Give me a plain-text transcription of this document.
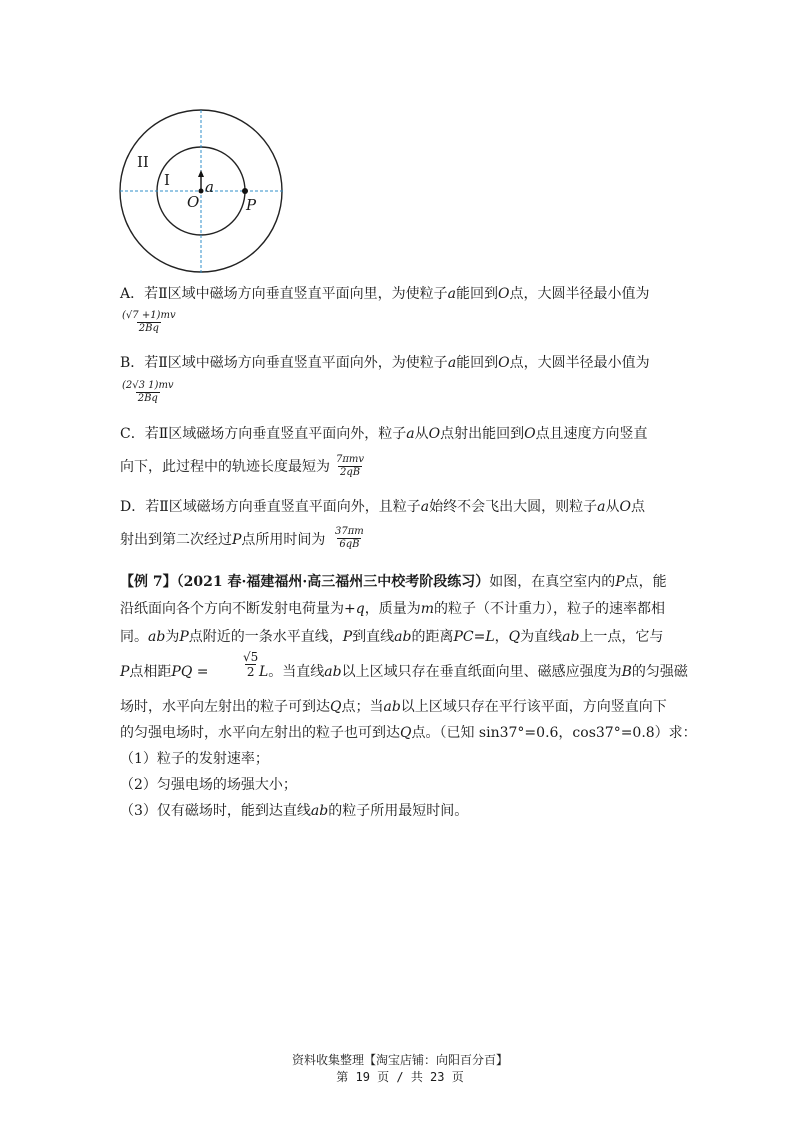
II
I a
O	P
A．若Ⅱ区域中磁场方向垂直竖直平面向里，为使粒子a能回到O点，大圆半径最小值为
$\frac{(√7 +1)mv}{2Bq}$
B．若Ⅱ区域中磁场方向垂直竖直平面向外，为使粒子a能回到O点，大圆半径最小值为
$\frac{(2√3 1)mv}{2Bq}$
C．若Ⅱ区域磁场方向垂直竖直平面向外，粒子a从O点射出能回到O点且速度方向竖直
向下，此过程中的轨迹长度最短为 7πmv
2qB
D．若Ⅱ区域磁场方向垂直竖直平面向外，且粒子a始终不会飞出大圆，则粒子a从O点
射出到第二次经过P点所用时间为 $\frac{37\pi m}{6qB}$
【例 7】（2021 春·福建福州·高三福州三中校考阶段练习）如图，在真空室内的P点，能
沿纸面向各个方向不断发射电荷量为+q，质量为m的粒子（不计重力），粒子的速率都相
同。ab为P点附近的一条水平直线，P到直线ab的距离PC=L，Q为直线ab上一点，它与
P点相距PQ =	$\frac{√5}{2}$
L。当直线ab以上区域只存在垂直纸面向里、磁感应强度为B的匀强磁
场时，水平向左射出的粒子可到达Q点；当ab以上区域只存在平行该平面，方向竖直向下
的匀强电场时，水平向左射出的粒子也可到达Q点。（已知 sin37°=0.6，cos37°=0.8）求：
（1）粒子的发射速率；
（2）匀强电场的场强大小；
（3）仅有磁场时，能到达直线ab的粒子所用最短时间。
资料收集整理【淘宝店铺：向阳百分百】
第 19 页 / 共 23 页
